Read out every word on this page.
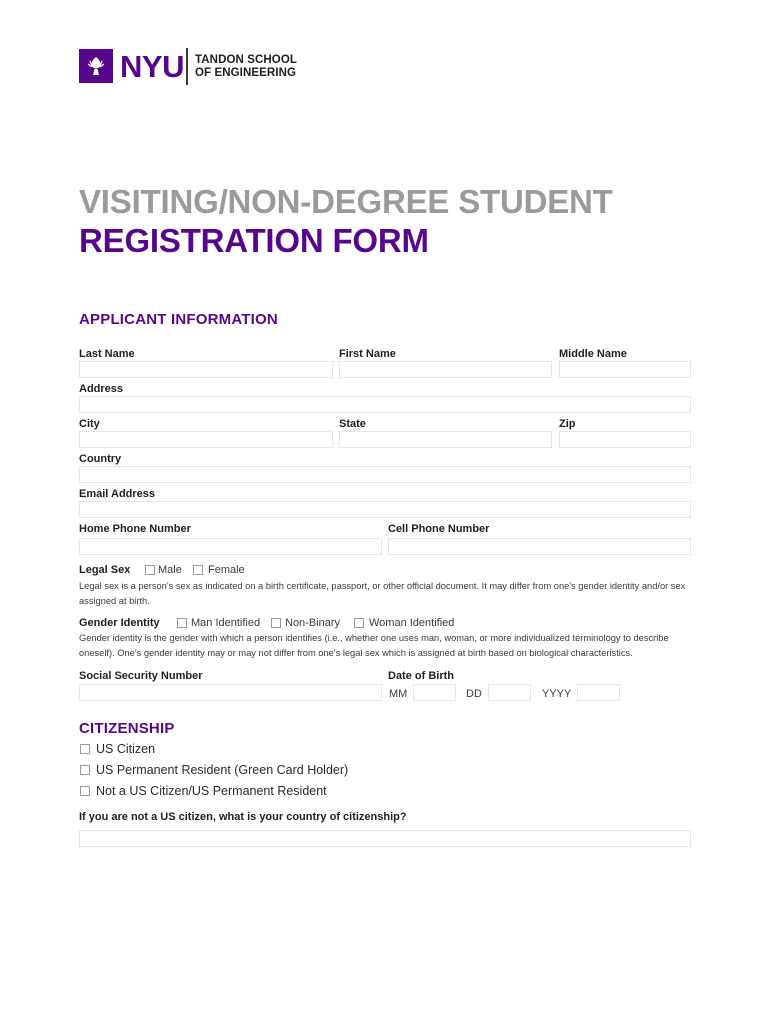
NYU TANDON SCHOOL
OF ENGINEERING
VISITING/NON-DEGREE STUDENT
REGISTRATION FORM
APPLICANT INFORMATION
Last Name	First Name	Middle Name
Address
City	State	Zip
Country
Email Address
Home Phone Number	Cell Phone Number
Legal Sex	Male Female
Legal sex is a person's sex as indicated on a birth certificate, passport, or other official document. It may differ from one's gender identity and/or sex assigned at birth.
Gender Identity	Man Identified Non-Binary	Woman Identified
Gender identity is the gender with which a person identifies (i.e., whether one uses man, woman, or more individualized terminology to describe oneself). One's gender identity may or may not differ from one's legal sex which is assigned at birth based on biological characteristics.
Social Security Number	Date of Birth
MM	DD	YYYY
CITIZENSHIP
US Citizen
US Permanent Resident (Green Card Holder)
Not a US Citizen/US Permanent Resident
If you are not a US citizen, what is your country of citizenship?
